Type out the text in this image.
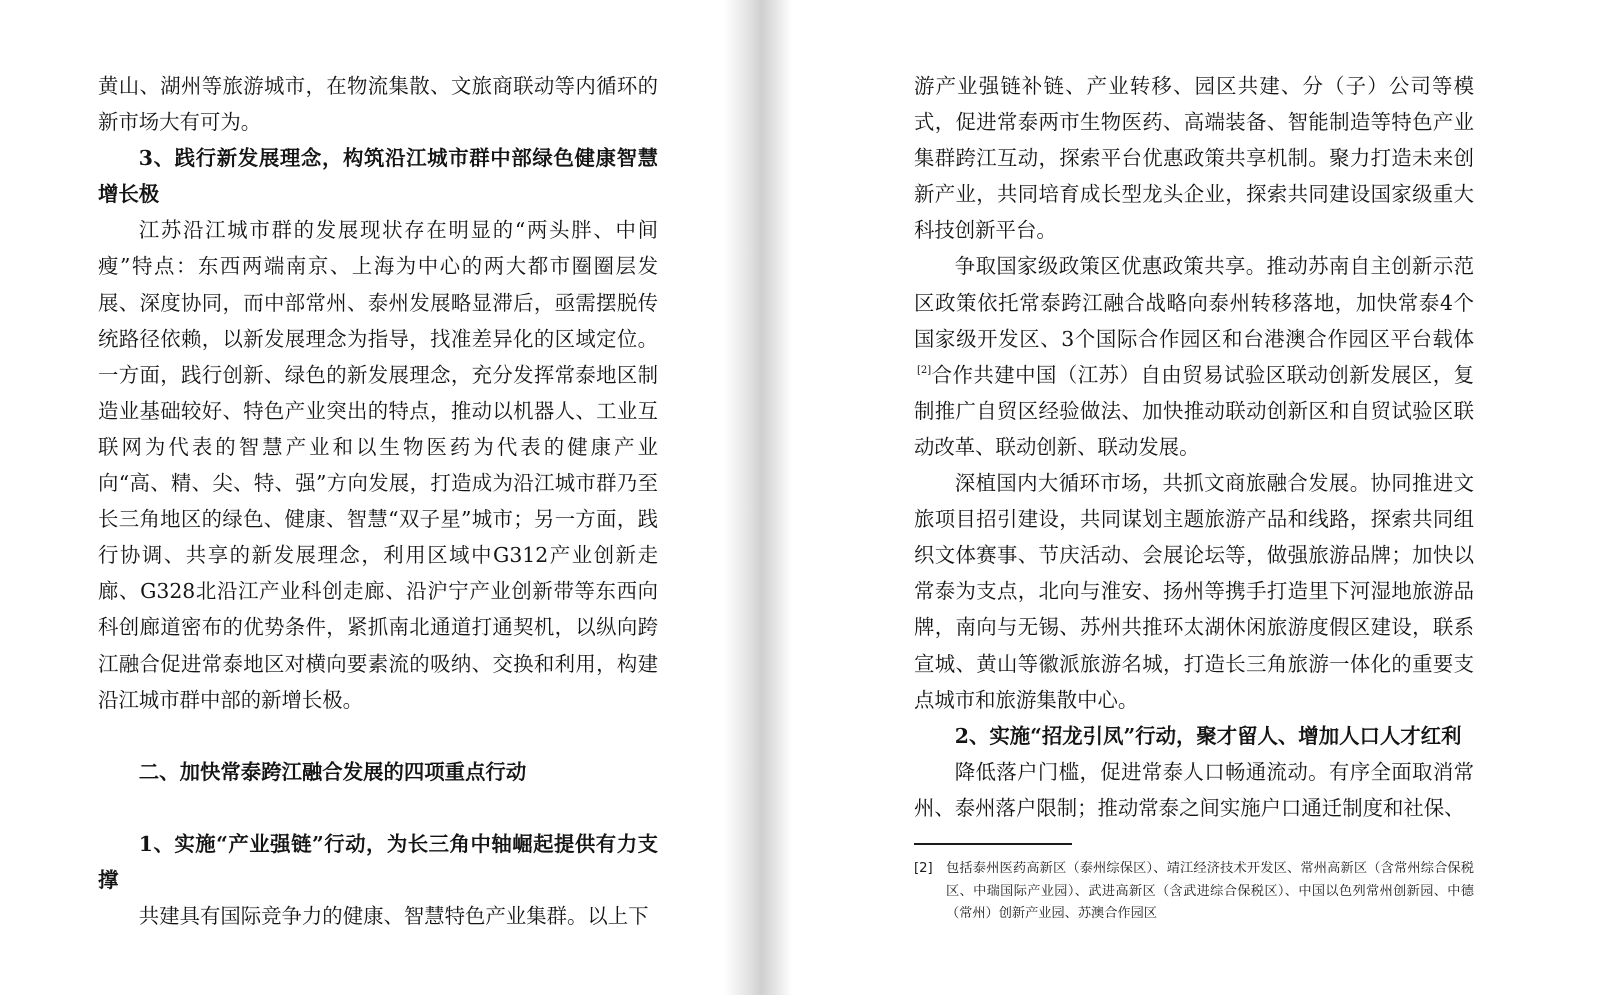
黄山、湖州等旅游城市，在物流集散、文旅商联动等内循环的新市场大有可为。

3、践行新发展理念，构筑沿江城市群中部绿色健康智慧增长极

江苏沿江城市群的发展现状存在明显的“两头胖、中间瘦”特点：东西两端南京、上海为中心的两大都市圈圈层发展、深度协同，而中部常州、泰州发展略显滞后，亟需摆脱传统路径依赖，以新发展理念为指导，找准差异化的区域定位。一方面，践行创新、绿色的新发展理念，充分发挥常泰地区制造业基础较好、特色产业突出的特点，推动以机器人、工业互联网为代表的智慧产业和以生物医药为代表的健康产业向“高、精、尖、特、强”方向发展，打造成为沿江城市群乃至长三角地区的绿色、健康、智慧“双子星”城市；另一方面，践行协调、共享的新发展理念，利用区域中G312产业创新走廊、G328北沿江产业科创走廊、沿沪宁产业创新带等东西向科创廊道密布的优势条件，紧抓南北通道打通契机，以纵向跨江融合促进常泰地区对横向要素流的吸纳、交换和利用，构建沿江城市群中部的新增长极。

二、加快常泰跨江融合发展的四项重点行动

1、实施“产业强链”行动，为长三角中轴崛起提供有力支撑

共建具有国际竞争力的健康、智慧特色产业集群。以上下

游产业强链补链、产业转移、园区共建、分（子）公司等模式，促进常泰两市生物医药、高端装备、智能制造等特色产业集群跨江互动，探索平台优惠政策共享机制。聚力打造未来创新产业，共同培育成长型龙头企业，探索共同建设国家级重大科技创新平台。

争取国家级政策区优惠政策共享。推动苏南自主创新示范区政策依托常泰跨江融合战略向泰州转移落地，加快常泰4个国家级开发区、3个国际合作园区和台港澳合作园区平台载体[2]合作共建中国（江苏）自由贸易试验区联动创新发展区，复制推广自贸区经验做法、加快推动联动创新区和自贸试验区联动改革、联动创新、联动发展。

深植国内大循环市场，共抓文商旅融合发展。协同推进文旅项目招引建设，共同谋划主题旅游产品和线路，探索共同组织文体赛事、节庆活动、会展论坛等，做强旅游品牌；加快以常泰为支点，北向与淮安、扬州等携手打造里下河湿地旅游品牌，南向与无锡、苏州共推环太湖休闲旅游度假区建设，联系宣城、黄山等徽派旅游名城，打造长三角旅游一体化的重要支点城市和旅游集散中心。

2、实施“招龙引凤”行动，聚才留人、增加人口人才红利

降低落户门槛，促进常泰人口畅通流动。有序全面取消常州、泰州落户限制；推动常泰之间实施户口通迁制度和社保、

[2]	包括泰州医药高新区（泰州综保区）、靖江经济技术开发区、常州高新区（含常州综合保税区、中瑞国际产业园）、武进高新区（含武进综合保税区）、中国以色列常州创新园、中德（常州）创新产业园、苏澳合作园区
